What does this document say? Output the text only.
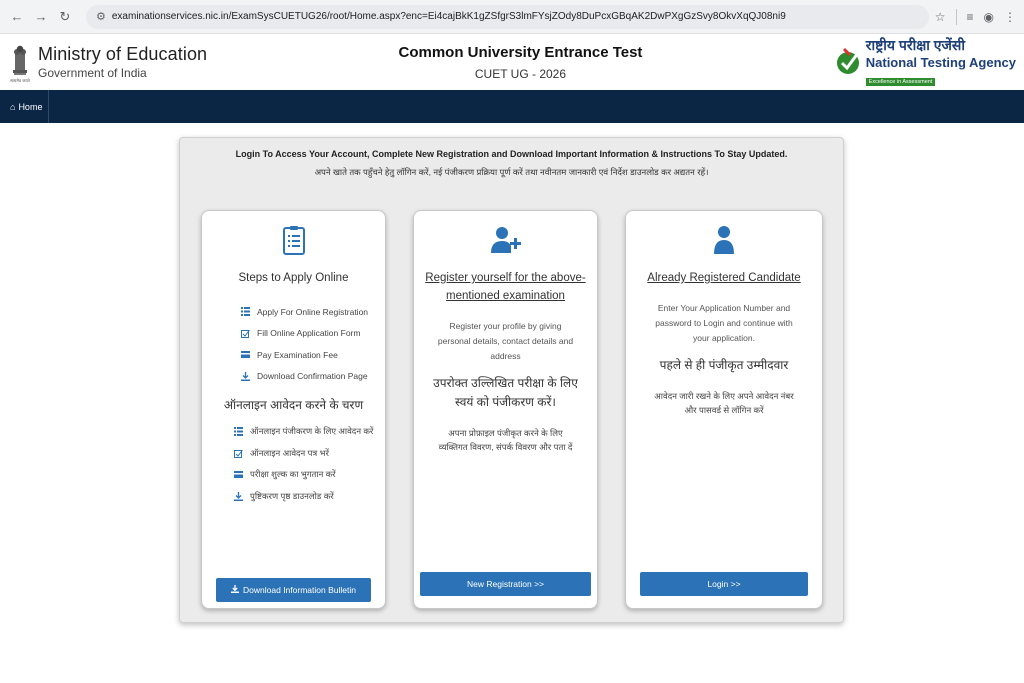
← → ↻	⚙ examinationservices.nic.in/ExamSysCUETUG26/root/Home.aspx?enc=Ei4cajBkK1gZSfgrS3lmFYsjZOdy8DuPcxGBqAK2DwPXgGzSvy8OkvXqQJ08ni9	☆ ≡ ◉ ⋮
सत्यमेव जयते
Ministry of Education
Government of India
Common University Entrance Test
CUET UG - 2026
राष्ट्रीय परीक्षा एजेंसी
National Testing Agency
Excellence in Assessment
⌂ Home
Login To Access Your Account, Complete New Registration and Download Important Information & Instructions To Stay Updated.
अपने खाते तक पहुँचने हेतु लॉगिन करें, नई पंजीकरण प्रक्रिया पूर्ण करें तथा नवीनतम जानकारी एवं निर्देश डाउनलोड कर अद्यतन रहें।
Steps to Apply Online
Apply For Online Registration
Fill Online Application Form
Pay Examination Fee
Download Confirmation Page
ऑनलाइन आवेदन करने के चरण
ऑनलाइन पंजीकरण के लिए आवेदन करें
ऑनलाइन आवेदन पत्र भरें
परीक्षा शुल्क का भुगतान करें
पुष्टिकरण पृष्ठ डाउनलोड करें
Download Information Bulletin
Register yourself for the above-mentioned examination
Register your profile by giving personal details, contact details and address
उपरोक्त उल्लिखित परीक्षा के लिए स्वयं को पंजीकरण करें।
अपना प्रोफ़ाइल पंजीकृत करने के लिए व्यक्तिगत विवरण, संपर्क विवरण और पता दें
New Registration >>
Already Registered Candidate
Enter Your Application Number and password to Login and continue with your application.
पहले से ही पंजीकृत उम्मीदवार
आवेदन जारी रखने के लिए अपने आवेदन नंबर और पासवर्ड से लॉगिन करें
Login >>
